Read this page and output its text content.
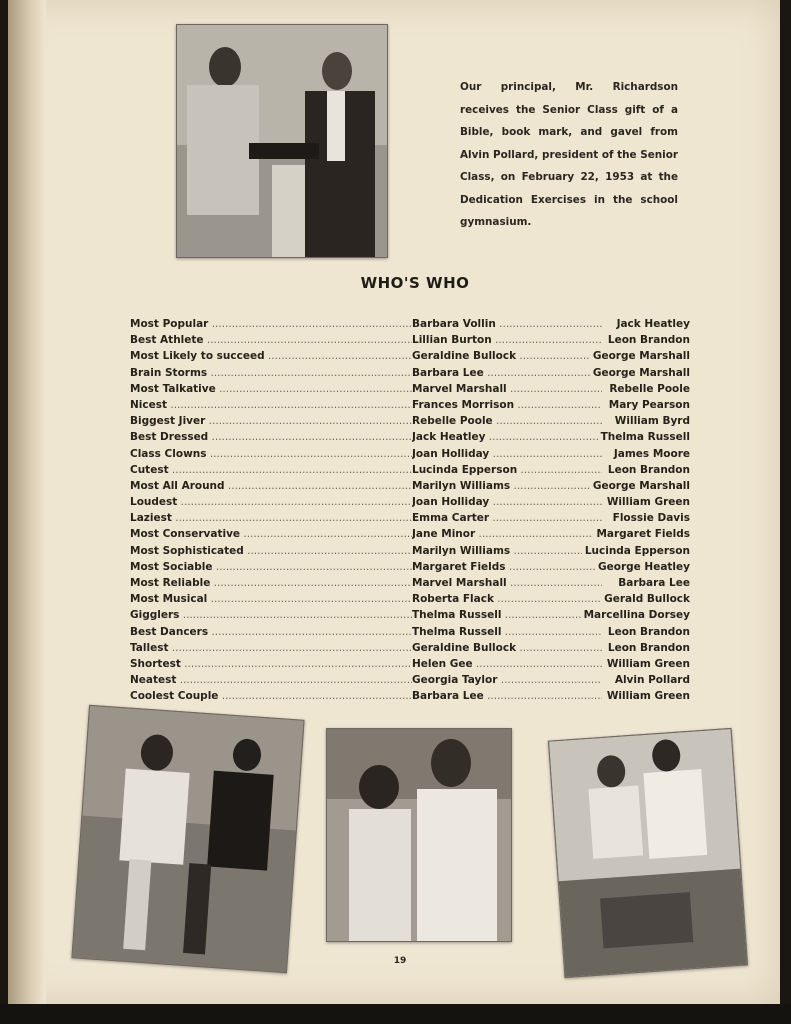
Our principal, Mr. Richardson receives the Senior Class gift of a Bible, book mark, and gavel from Alvin Pollard, president of the Senior Class, on February 22, 1953 at the Dedication Exercises in the school gymnasium.

WHO'S WHO
Most Popular .....	Barbara Vollin .....	Jack Heatley
Best Athlete .....	Lillian Burton .....	Leon Brandon
Most Likely to succeed .....	Geraldine Bullock .....	George Marshall
Brain Storms .....	Barbara Lee .....	George Marshall
Most Talkative .....	Marvel Marshall .....	Rebelle Poole
Nicest .....	Frances Morrison .....	Mary Pearson
Biggest Jiver .....	Rebelle Poole .....	William Byrd
Best Dressed .....	Jack Heatley .....	Thelma Russell
Class Clowns .....	Joan Holliday .....	James Moore
Cutest .....	Lucinda Epperson .....	Leon Brandon
Most All Around .....	Marilyn Williams .....	George Marshall
Loudest .....	Joan Holliday .....	William Green
Laziest .....	Emma Carter .....	Flossie Davis
Most Conservative .....	Jane Minor .....	Margaret Fields
Most Sophisticated .....	Marilyn Williams .....	Lucinda Epperson
Most Sociable .....	Margaret Fields .....	George Heatley
Most Reliable .....	Marvel Marshall .....	Barbara Lee
Most Musical .....	Roberta Flack .....	Gerald Bullock
Gigglers .....	Thelma Russell .....	Marcellina Dorsey
Best Dancers .....	Thelma Russell .....	Leon Brandon
Tallest .....	Geraldine Bullock .....	Leon Brandon
Shortest .....	Helen Gee .....	William Green
Neatest .....	Georgia Taylor .....	Alvin Pollard
Coolest Couple .....	Barbara Lee .....	William Green
19
